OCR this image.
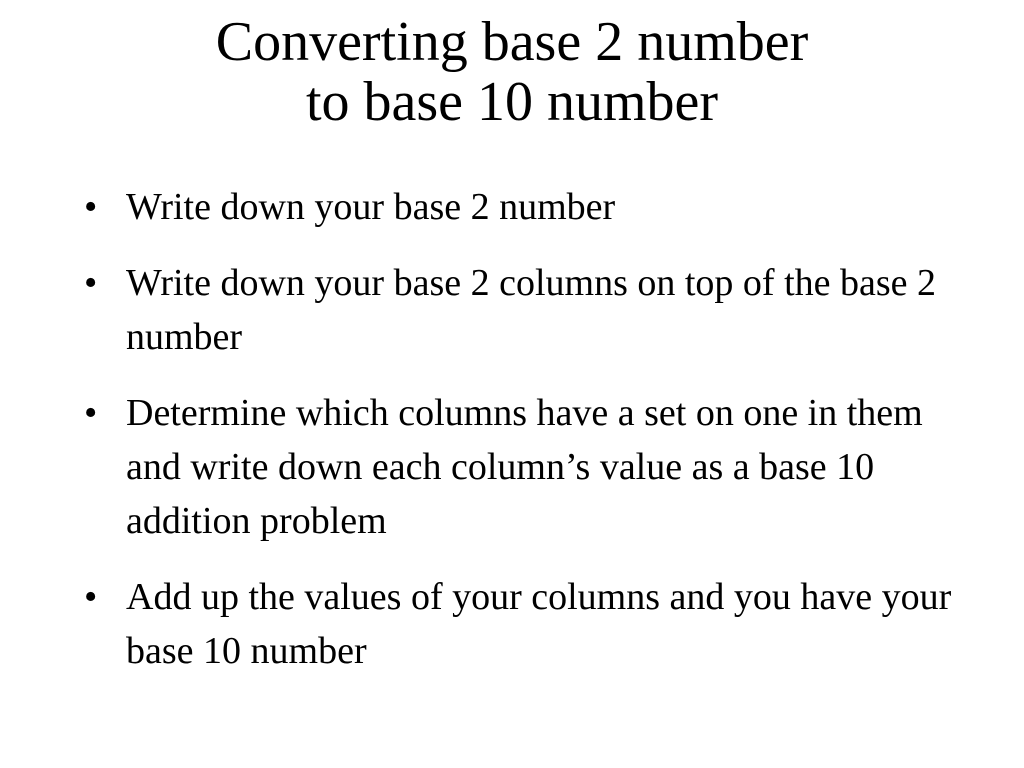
Converting base 2 number
to base 10 number
• Write down your base 2 number
• Write down your base 2 columns on top of the base 2 number
• Determine which columns have a set on one in them and write down each column’s value as a base 10 addition problem
• Add up the values of your columns and you have your base 10 number
